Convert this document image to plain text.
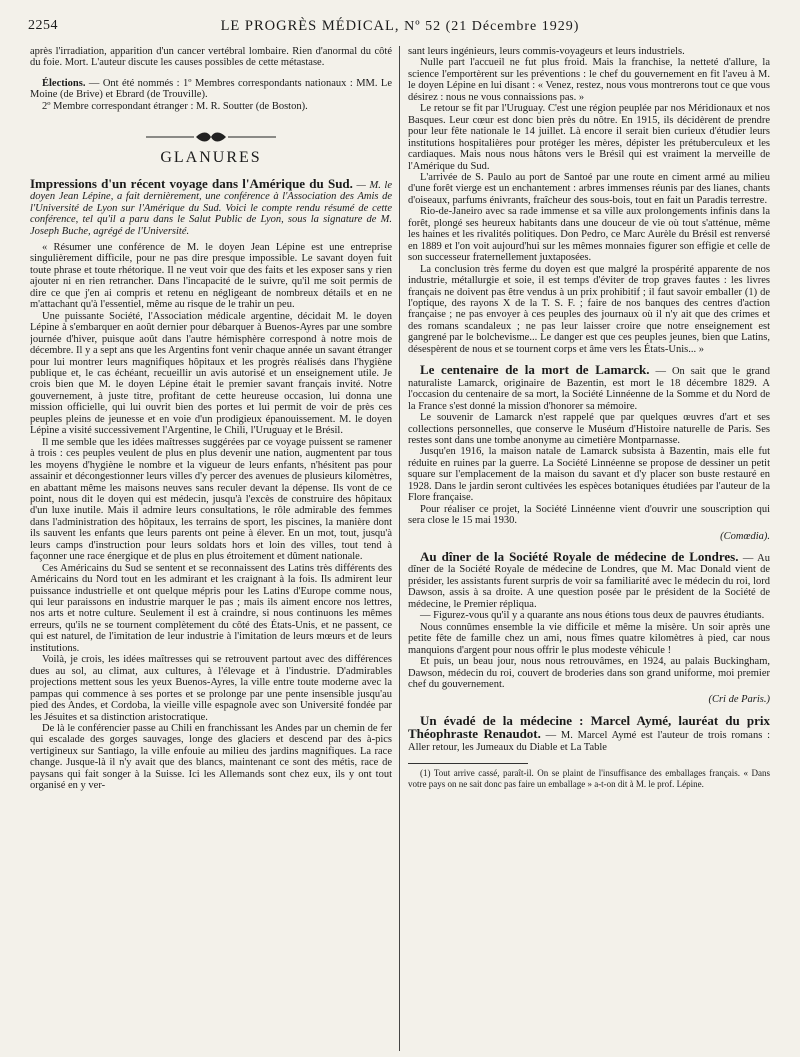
2254	LE PROGRÈS MÉDICAL, Nº 52 (21 Décembre 1929)

après l'irradiation, apparition d'un cancer vertébral lombaire. Rien d'anormal du côté du foie. Mort. L'auteur discute les causes possibles de cette métastase.

Élections. — Ont été nommés : 1º Membres correspondants nationaux : MM. Le Moine (de Brive) et Ebrard (de Trouville).

2º Membre correspondant étranger : M. R. Soutter (de Boston).

GLANURES

Impressions d'un récent voyage dans l'Amérique du Sud. — M. le doyen Jean Lépine, a fait dernièrement, une conférence à l'Association des Amis de l'Université de Lyon sur l'Amérique du Sud. Voici le compte rendu résumé de cette conférence, tel qu'il a paru dans le Salut Public de Lyon, sous la signature de M. Joseph Buche, agrégé de l'Université.

« Résumer une conférence de M. le doyen Jean Lépine est une entreprise singulièrement difficile, pour ne pas dire presque impossible. Le savant doyen fuit toute phrase et toute rhétorique. Il ne veut voir que des faits et les exposer sans y rien ajouter ni en rien retrancher. Dans l'incapacité de le suivre, qu'il me soit permis de dire ce que j'en ai compris et retenu en négligeant de nombreux détails et en ne m'attachant qu'à l'essentiel, même au risque de le trahir un peu.

Une puissante Société, l'Association médicale argentine, décidait M. le doyen Lépine à s'embarquer en août dernier pour débarquer à Buenos-Ayres par une sombre journée d'hiver, puisque août dans l'autre hémisphère correspond à notre mois de décembre. Il y a sept ans que les Argentins font venir chaque année un savant étranger pour lui montrer leurs magnifiques hôpitaux et les progrès réalisés dans l'hygiène publique et, le cas échéant, recueillir un avis autorisé et un enseignement utile. Je crois bien que M. le doyen Lépine était le premier savant français invité. Notre gouvernement, à juste titre, profitant de cette heureuse occasion, lui donna une mission officielle, qui lui ouvrit bien des portes et lui permit de voir de près ces peuples pleins de jeunesse et en voie d'un prodigieux épanouissement. M. le doyen Lépine a visité successivement l'Argentine, le Chili, l'Uruguay et le Brésil.

Il me semble que les idées maîtresses suggérées par ce voyage puissent se ramener à trois : ces peuples veulent de plus en plus devenir une nation, augmentent par tous les moyens d'hygiène le nombre et la vigueur de leurs enfants, n'hésitent pas pour assainir et décongestionner leurs villes d'y percer des avenues de plusieurs kilomètres, en abattant même les maisons neuves sans reculer devant la dépense. Ils vont de ce point, nous dit le doyen qui est médecin, jusqu'à l'excès de construire des hôpitaux d'un luxe inutile. Mais il admire leurs consultations, le rôle admirable des femmes dans l'administration des hôpitaux, les terrains de sport, les piscines, la manière dont ils sauvent les enfants que leurs parents ont peine à élever. En un mot, tout, jusqu'à leurs camps d'instruction pour leurs soldats hors et loin des villes, tout tend à façonner une race énergique et de plus en plus étroitement et dûment nationale.

Ces Américains du Sud se sentent et se reconnaissent des Latins très différents des Américains du Nord tout en les admirant et les craignant à la fois. Ils admirent leur puissance industrielle et ont quelque mépris pour les Latins d'Europe comme nous, qui leur paraissons en industrie marquer le pas ; mais ils aiment encore nos lettres, nos arts et notre culture. Seulement il est à craindre, si nous continuons les mêmes erreurs, qu'ils ne se tournent complètement du côté des États-Unis, et ne passent, ce qui est naturel, de l'imitation de leur industrie à l'imitation de leurs mœurs et de leurs institutions.

Voilà, je crois, les idées maîtresses qui se retrouvent partout avec des différences dues au sol, au climat, aux cultures, à l'élevage et à l'industrie. D'admirables projections mettent sous les yeux Buenos-Ayres, la ville entre toute moderne avec la pampas qui commence à ses portes et se prolonge par une pente insensible jusqu'au pied des Andes, et Cordoba, la vieille ville espagnole avec son Université fondée par les Jésuites et sa distinction aristocratique.

De là le conférencier passe au Chili en franchissant les Andes par un chemin de fer qui escalade des gorges sauvages, longe des glaciers et descend par des à-pics vertigineux sur Santiago, la ville enfouie au milieu des jardins magnifiques. La race change. Jusque-là il n'y avait que des blancs, maintenant ce sont des métis, race de paysans qui fait songer à la Suisse. Ici les Allemands sont chez eux, ils y ont tout organisé en y ver-

sant leurs ingénieurs, leurs commis-voyageurs et leurs industriels.

Nulle part l'accueil ne fut plus froid. Mais la franchise, la netteté d'allure, la science l'emportèrent sur les préventions : le chef du gouvernement en fit l'aveu à M. le doyen Lépine en lui disant : « Venez, restez, nous vous montrerons tout ce que vous désirez : nous ne vous connaissions pas. »

Le retour se fit par l'Uruguay. C'est une région peuplée par nos Méridionaux et nos Basques. Leur cœur est donc bien près du nôtre. En 1915, ils décidèrent de prendre pour leur fête nationale le 14 juillet. Là encore il serait bien curieux d'étudier leurs institutions hospitalières pour protéger les mères, dépister les prétuberculeux et les cardiaques. Mais nous nous hâtons vers le Brésil qui est vraiment la merveille de l'Amérique du Sud.

L'arrivée de S. Paulo au port de Santoé par une route en ciment armé au milieu d'une forêt vierge est un enchantement : arbres immenses réunis par des lianes, chants d'oiseaux, parfums énivrants, fraîcheur des sous-bois, tout en fait un Paradis terrestre.

Rio-de-Janeiro avec sa rade immense et sa ville aux prolongements infinis dans la forêt, plongé ses heureux habitants dans une douceur de vie où tout s'atténue, même les haines et les rivalités politiques. Don Pedro, ce Marc Aurèle du Brésil est renversé en 1889 et l'on voit aujourd'hui sur les mêmes monnaies figurer son effigie et celle de son successeur fraternellement juxtaposées.

La conclusion très ferme du doyen est que malgré la prospérité apparente de nos industrie, métallurgie et soie, il est temps d'éviter de trop graves fautes : les livres français ne doivent pas être vendus à un prix prohibitif ; il faut savoir emballer (1) de l'optique, des rayons X de la T. S. F. ; faire de nos banques des centres d'action française ; ne pas envoyer à ces peuples des journaux où il n'y ait que des crimes et des romans scandaleux ; ne pas leur laisser croire que notre enseignement est gangrené par le bolchevisme... Le danger est que ces peuples jeunes, bien que Latins, désespèrent de nous et se tournent corps et âme vers les États-Unis... »

Le centenaire de la mort de Lamarck. — On sait que le grand naturaliste Lamarck, originaire de Bazentin, est mort le 18 décembre 1829. A l'occasion du centenaire de sa mort, la Société Linnéenne de la Somme et du Nord de la France s'est donné la mission d'honorer sa mémoire.

Le souvenir de Lamarck n'est rappelé que par quelques œuvres d'art et ses collections personnelles, que conserve le Muséum d'Histoire naturelle de Paris. Ses restes sont dans une tombe anonyme au cimetière Montparnasse.

Jusqu'en 1916, la maison natale de Lamarck subsista à Bazentin, mais elle fut réduite en ruines par la guerre. La Société Linnéenne se propose de dessiner un petit square sur l'emplacement de la maison du savant et d'y placer son buste restauré en 1928. Dans le jardin seront cultivées les espèces botaniques étudiées par l'auteur de la Flore française.

Pour réaliser ce projet, la Société Linnéenne vient d'ouvrir une souscription qui sera close le 15 mai 1930.

(Comœdia).

Au dîner de la Société Royale de médecine de Londres. — Au dîner de la Société Royale de médecine de Londres, que M. Mac Donald vient de présider, les assistants furent surpris de voir sa familiarité avec le médecin du roi, lord Dawson, assis à sa droite. A une question posée par le président de la Société de médecine, le Premier répliqua.

— Figurez-vous qu'il y a quarante ans nous étions tous deux de pauvres étudiants.

Nous connûmes ensemble la vie difficile et même la misère. Un soir après une petite fête de famille chez un ami, nous fîmes quatre kilomètres à pied, car nous manquions d'argent pour nous offrir le plus modeste véhicule !

Et puis, un beau jour, nous nous retrouvâmes, en 1924, au palais Buckingham, Dawson, médecin du roi, couvert de broderies dans son grand uniforme, moi premier chef du gouvernement.

(Cri de Paris.)

Un évadé de la médecine : Marcel Aymé, lauréat du prix Théophraste Renaudot. — M. Marcel Aymé est l'auteur de trois romans : Aller retour, les Jumeaux du Diable et La Table

(1) Tout arrive cassé, paraît-il. On se plaint de l'insuffisance des emballages français. « Dans votre pays on ne sait donc pas faire un emballage » a-t-on dit à M. le prof. Lépine.
